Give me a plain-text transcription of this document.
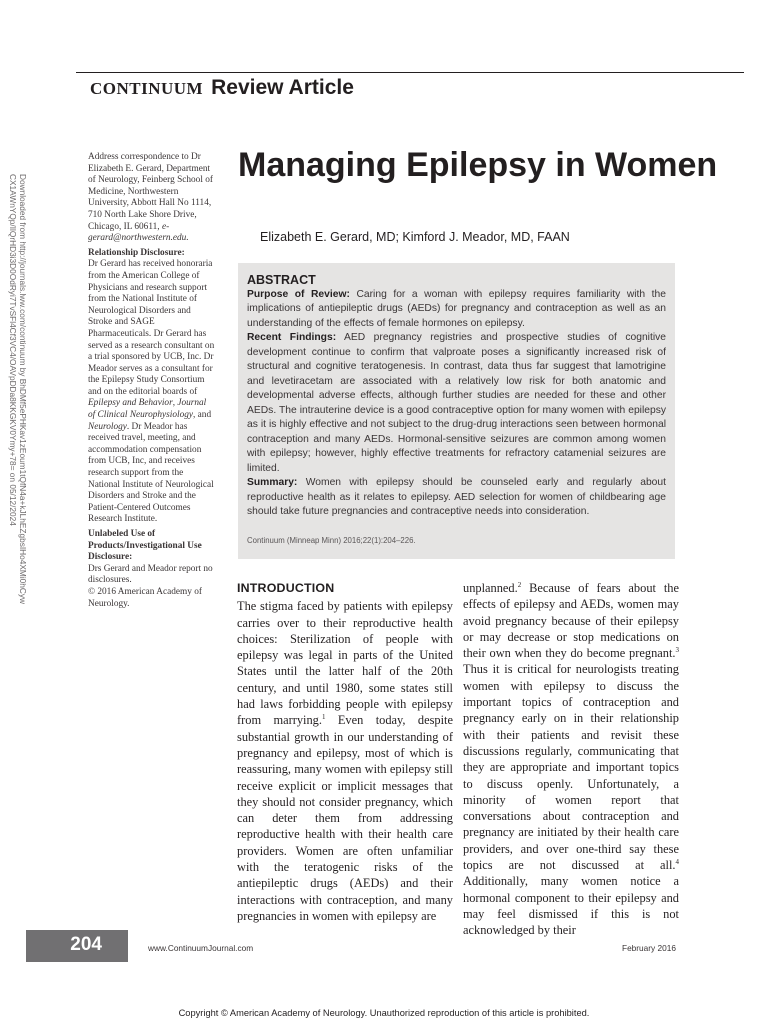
CONTINUUM Review Article
Downloaded from http://journals.lww.com/continuum by BhDMf5ePHKav1zEoum1tQfN4a+kJLhEZgbsIHo4XMi0hCyw
CX1AWnYQp/IlQrHD3i3D0OdRyi7TvSFl4Cf3VC4/OAVpDDa8KKGKV0Ymy+78= on 05/12/2024

Address correspondence to Dr Elizabeth E. Gerard, Department of Neurology, Feinberg School of Medicine, Northwestern University, Abbott Hall No 1114, 710 North Lake Shore Drive, Chicago, IL 60611, e-gerard@northwestern.edu.

Relationship Disclosure:

Dr Gerard has received honoraria from the American College of Physicians and research support from the National Institute of Neurological Disorders and Stroke and SAGE Pharmaceuticals. Dr Gerard has served as a research consultant on a trial sponsored by UCB, Inc. Dr Meador serves as a consultant for the Epilepsy Study Consortium and on the editorial boards of Epilepsy and Behavior, Journal of Clinical Neurophysiology, and Neurology. Dr Meador has received travel, meeting, and accommodation compensation from UCB, Inc, and receives research support from the National Institute of Neurological Disorders and Stroke and the Patient-Centered Outcomes Research Institute.

Unlabeled Use of Products/Investigational Use Disclosure:

Drs Gerard and Meador report no disclosures.

© 2016 American Academy of Neurology.

Managing Epilepsy in Women
Elizabeth E. Gerard, MD; Kimford J. Meador, MD, FAAN

ABSTRACT

Purpose of Review: Caring for a woman with epilepsy requires familiarity with the implications of antiepileptic drugs (AEDs) for pregnancy and contraception as well as an understanding of the effects of female hormones on epilepsy.

Recent Findings: AED pregnancy registries and prospective studies of cognitive development continue to confirm that valproate poses a significantly increased risk of structural and cognitive teratogenesis. In contrast, data thus far suggest that lamotrigine and levetiracetam are associated with a relatively low risk for both anatomic and developmental adverse effects, although further studies are needed for these and other AEDs. The intrauterine device is a good contraceptive option for many women with epilepsy as it is highly effective and not subject to the drug-drug interactions seen between hormonal contraception and many AEDs. Hormonal-sensitive seizures are common among women with epilepsy; however, highly effective treatments for refractory catamenial seizures are limited.

Summary: Women with epilepsy should be counseled early and regularly about reproductive health as it relates to epilepsy. AED selection for women of childbearing age should take future pregnancies and contraceptive needs into consideration.

Continuum (Minneap Minn) 2016;22(1):204–226.

INTRODUCTION

The stigma faced by patients with epilepsy carries over to their reproductive health choices: Sterilization of people with epilepsy was legal in parts of the United States until the latter half of the 20th century, and until 1980, some states still had laws forbidding people with epilepsy from marrying.$^1$ Even today, despite substantial growth in our understanding of pregnancy and epilepsy, most of which is reassuring, many women with epilepsy still receive explicit or implicit messages that they should not consider pregnancy, which can deter them from addressing reproductive health with their health care providers. Women are often unfamiliar with the teratogenic risks of the antiepileptic drugs (AEDs) and their interactions with contraception, and many pregnancies in women with epilepsy are

unplanned.$^2$ Because of fears about the effects of epilepsy and AEDs, women may avoid pregnancy because of their epilepsy or may decrease or stop medications on their own when they do become pregnant.$^3$ Thus it is critical for neurologists treating women with epilepsy to discuss the important topics of contraception and pregnancy early on in their relationship with their patients and revisit these discussions regularly, communicating that they are appropriate and important topics to discuss openly. Unfortunately, a minority of women report that conversations about contraception and pregnancy are initiated by their health care providers, and over one-third say these topics are not discussed at all.$^4$ Additionally, many women notice a hormonal component to their epilepsy and may feel dismissed if this is not acknowledged by their

204	www.ContinuumJournal.com	February 2016
Copyright © American Academy of Neurology. Unauthorized reproduction of this article is prohibited.
